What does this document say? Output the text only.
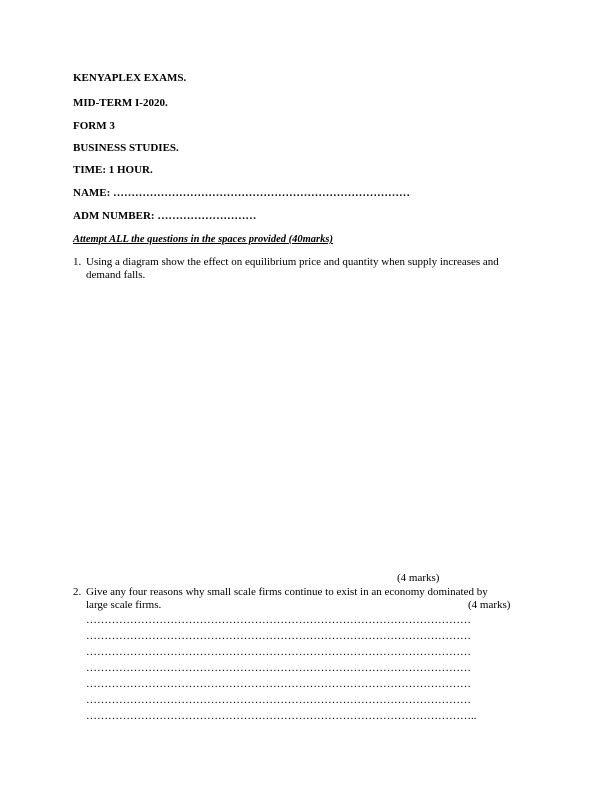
KENYAPLEX EXAMS.
MID-TERM I-2020.
FORM 3
BUSINESS STUDIES.
TIME: 1 HOUR.
NAME: ………………………………………………………………………
ADM NUMBER: ………………………
Attempt ALL the questions in the spaces provided (40marks)
1. Using a diagram show the effect on equilibrium price and quantity when supply increases and
demand falls.
(4 marks)
2. Give any four reasons why small scale firms continue to exist in an economy dominated by
large scale firms.	(4 marks)
……………………………………………………………………………………………
……………………………………………………………………………………………
……………………………………………………………………………………………
……………………………………………………………………………………………
……………………………………………………………………………………………
……………………………………………………………………………………………
……………………………………………………………………………………………..
